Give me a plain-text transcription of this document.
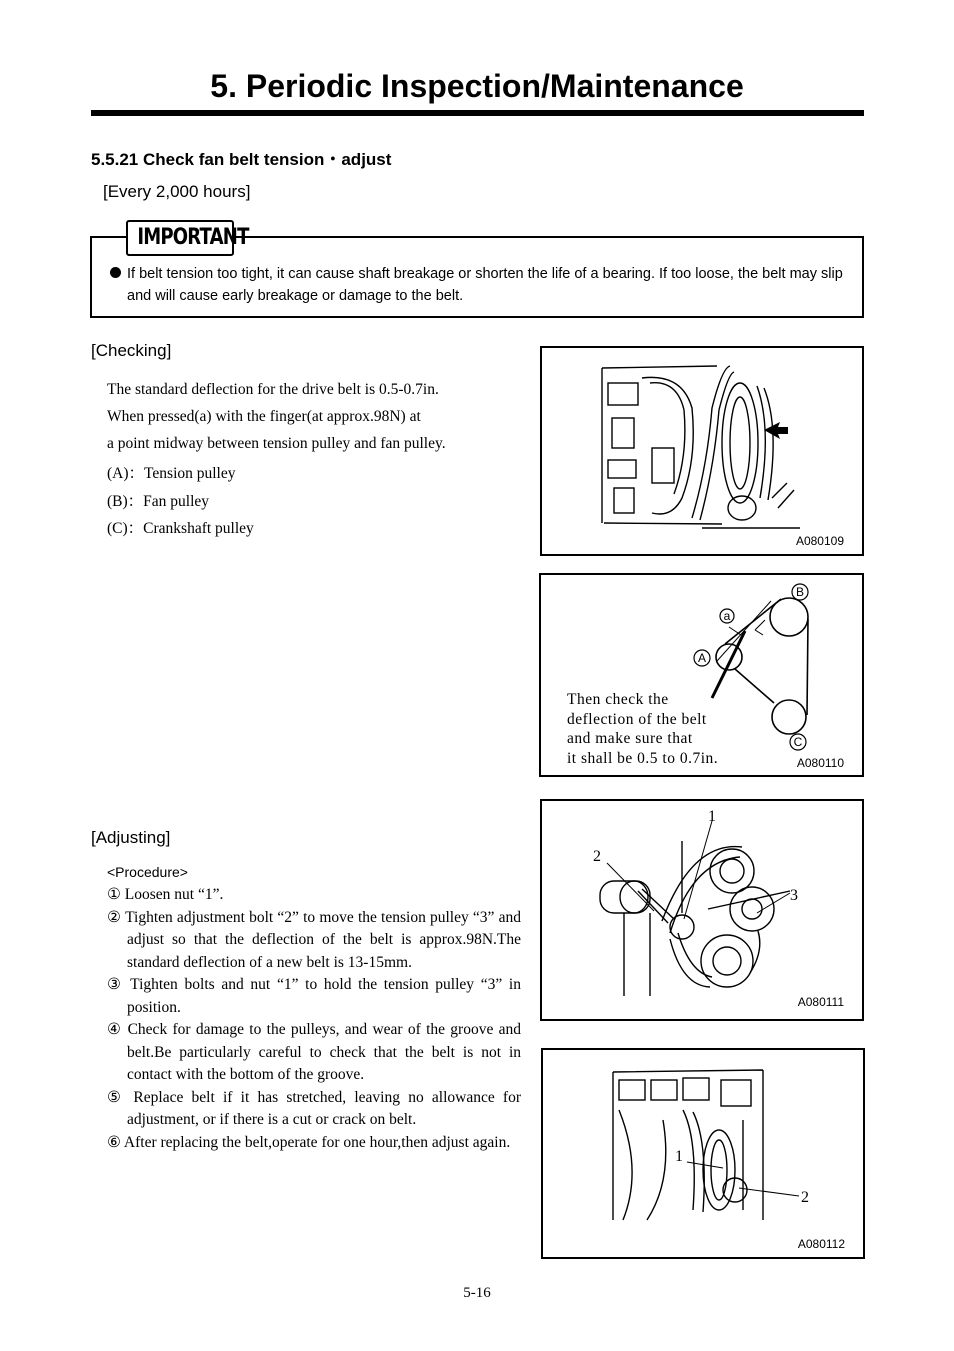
5. Periodic Inspection/Maintenance
5.5.21 Check fan belt tension・adjust
[Every 2,000 hours]
IMPORTANT
If belt tension too tight, it can cause shaft breakage or shorten the life of a bearing. If too loose, the belt may slip and will cause early breakage or damage to the belt.
[Checking]
The standard deflection for the drive belt is 0.5-0.7in.
When pressed(a) with the finger(at approx.98N) at
a point midway between tension pulley and fan pulley.
(A)：Tension pulley
(B)：Fan pulley
(C)：Crankshaft pulley
[Adjusting]
<Procedure>

① Loosen nut “1”.

② Tighten adjustment bolt “2” to move the tension pulley “3” and adjust so that the deflection of the belt is approx.98N.The standard deflection of a new belt is 13-15mm.

③ Tighten bolts and nut “1” to hold the tension pulley “3” in position.

④ Check for damage to the pulleys, and wear of the groove and belt.Be particularly careful to check that the belt is not in contact with the bottom of the groove.

⑤ Replace belt if it has stretched, leaving no allowance for adjustment, or if there is a cut or crack on belt.

⑥ After replacing the belt,operate for one hour,then adjust again.

A080109
a
A
B
C
Then check the
deflection of the belt
and make sure that
it shall be 0.5 to 0.7in.	A080110
1
2
3
A080111
1
2
A080112
5-16
